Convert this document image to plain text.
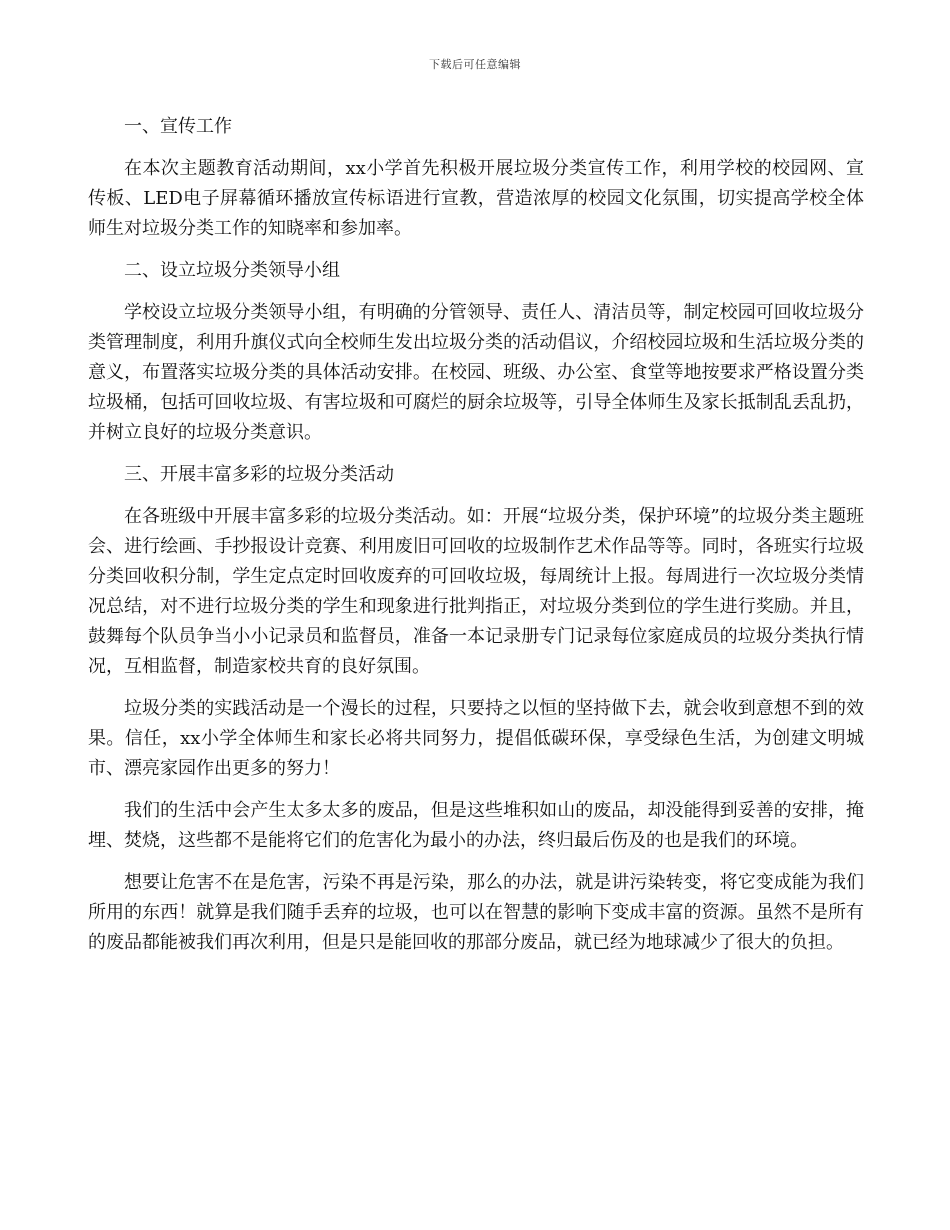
下载后可任意编辑

一、宣传工作

在本次主题教育活动期间，xx小学首先积极开展垃圾分类宣传工作，利用学校的校园网、宣传板、LED电子屏幕循环播放宣传标语进行宣教，营造浓厚的校园文化氛围，切实提高学校全体师生对垃圾分类工作的知晓率和参加率。

二、设立垃圾分类领导小组

学校设立垃圾分类领导小组，有明确的分管领导、责任人、清洁员等，制定校园可回收垃圾分类管理制度，利用升旗仪式向全校师生发出垃圾分类的活动倡议，介绍校园垃圾和生活垃圾分类的意义，布置落实垃圾分类的具体活动安排。在校园、班级、办公室、食堂等地按要求严格设置分类垃圾桶，包括可回收垃圾、有害垃圾和可腐烂的厨余垃圾等，引导全体师生及家长抵制乱丢乱扔，并树立良好的垃圾分类意识。

三、开展丰富多彩的垃圾分类活动

在各班级中开展丰富多彩的垃圾分类活动。如：开展“垃圾分类，保护环境”的垃圾分类主题班会、进行绘画、手抄报设计竞赛、利用废旧可回收的垃圾制作艺术作品等等。同时，各班实行垃圾分类回收积分制，学生定点定时回收废弃的可回收垃圾，每周统计上报。每周进行一次垃圾分类情况总结，对不进行垃圾分类的学生和现象进行批判指正，对垃圾分类到位的学生进行奖励。并且，鼓舞每个队员争当小小记录员和监督员，准备一本记录册专门记录每位家庭成员的垃圾分类执行情况，互相监督，制造家校共育的良好氛围。

垃圾分类的实践活动是一个漫长的过程，只要持之以恒的坚持做下去，就会收到意想不到的效果。信任，xx小学全体师生和家长必将共同努力，提倡低碳环保，享受绿色生活，为创建文明城市、漂亮家园作出更多的努力！

我们的生活中会产生太多太多的废品，但是这些堆积如山的废品，却没能得到妥善的安排，掩埋、焚烧，这些都不是能将它们的危害化为最小的办法，终归最后伤及的也是我们的环境。

想要让危害不在是危害，污染不再是污染，那么的办法，就是讲污染转变，将它变成能为我们所用的东西！就算是我们随手丢弃的垃圾，也可以在智慧的影响下变成丰富的资源。虽然不是所有的废品都能被我们再次利用，但是只是能回收的那部分废品，就已经为地球减少了很大的负担。
